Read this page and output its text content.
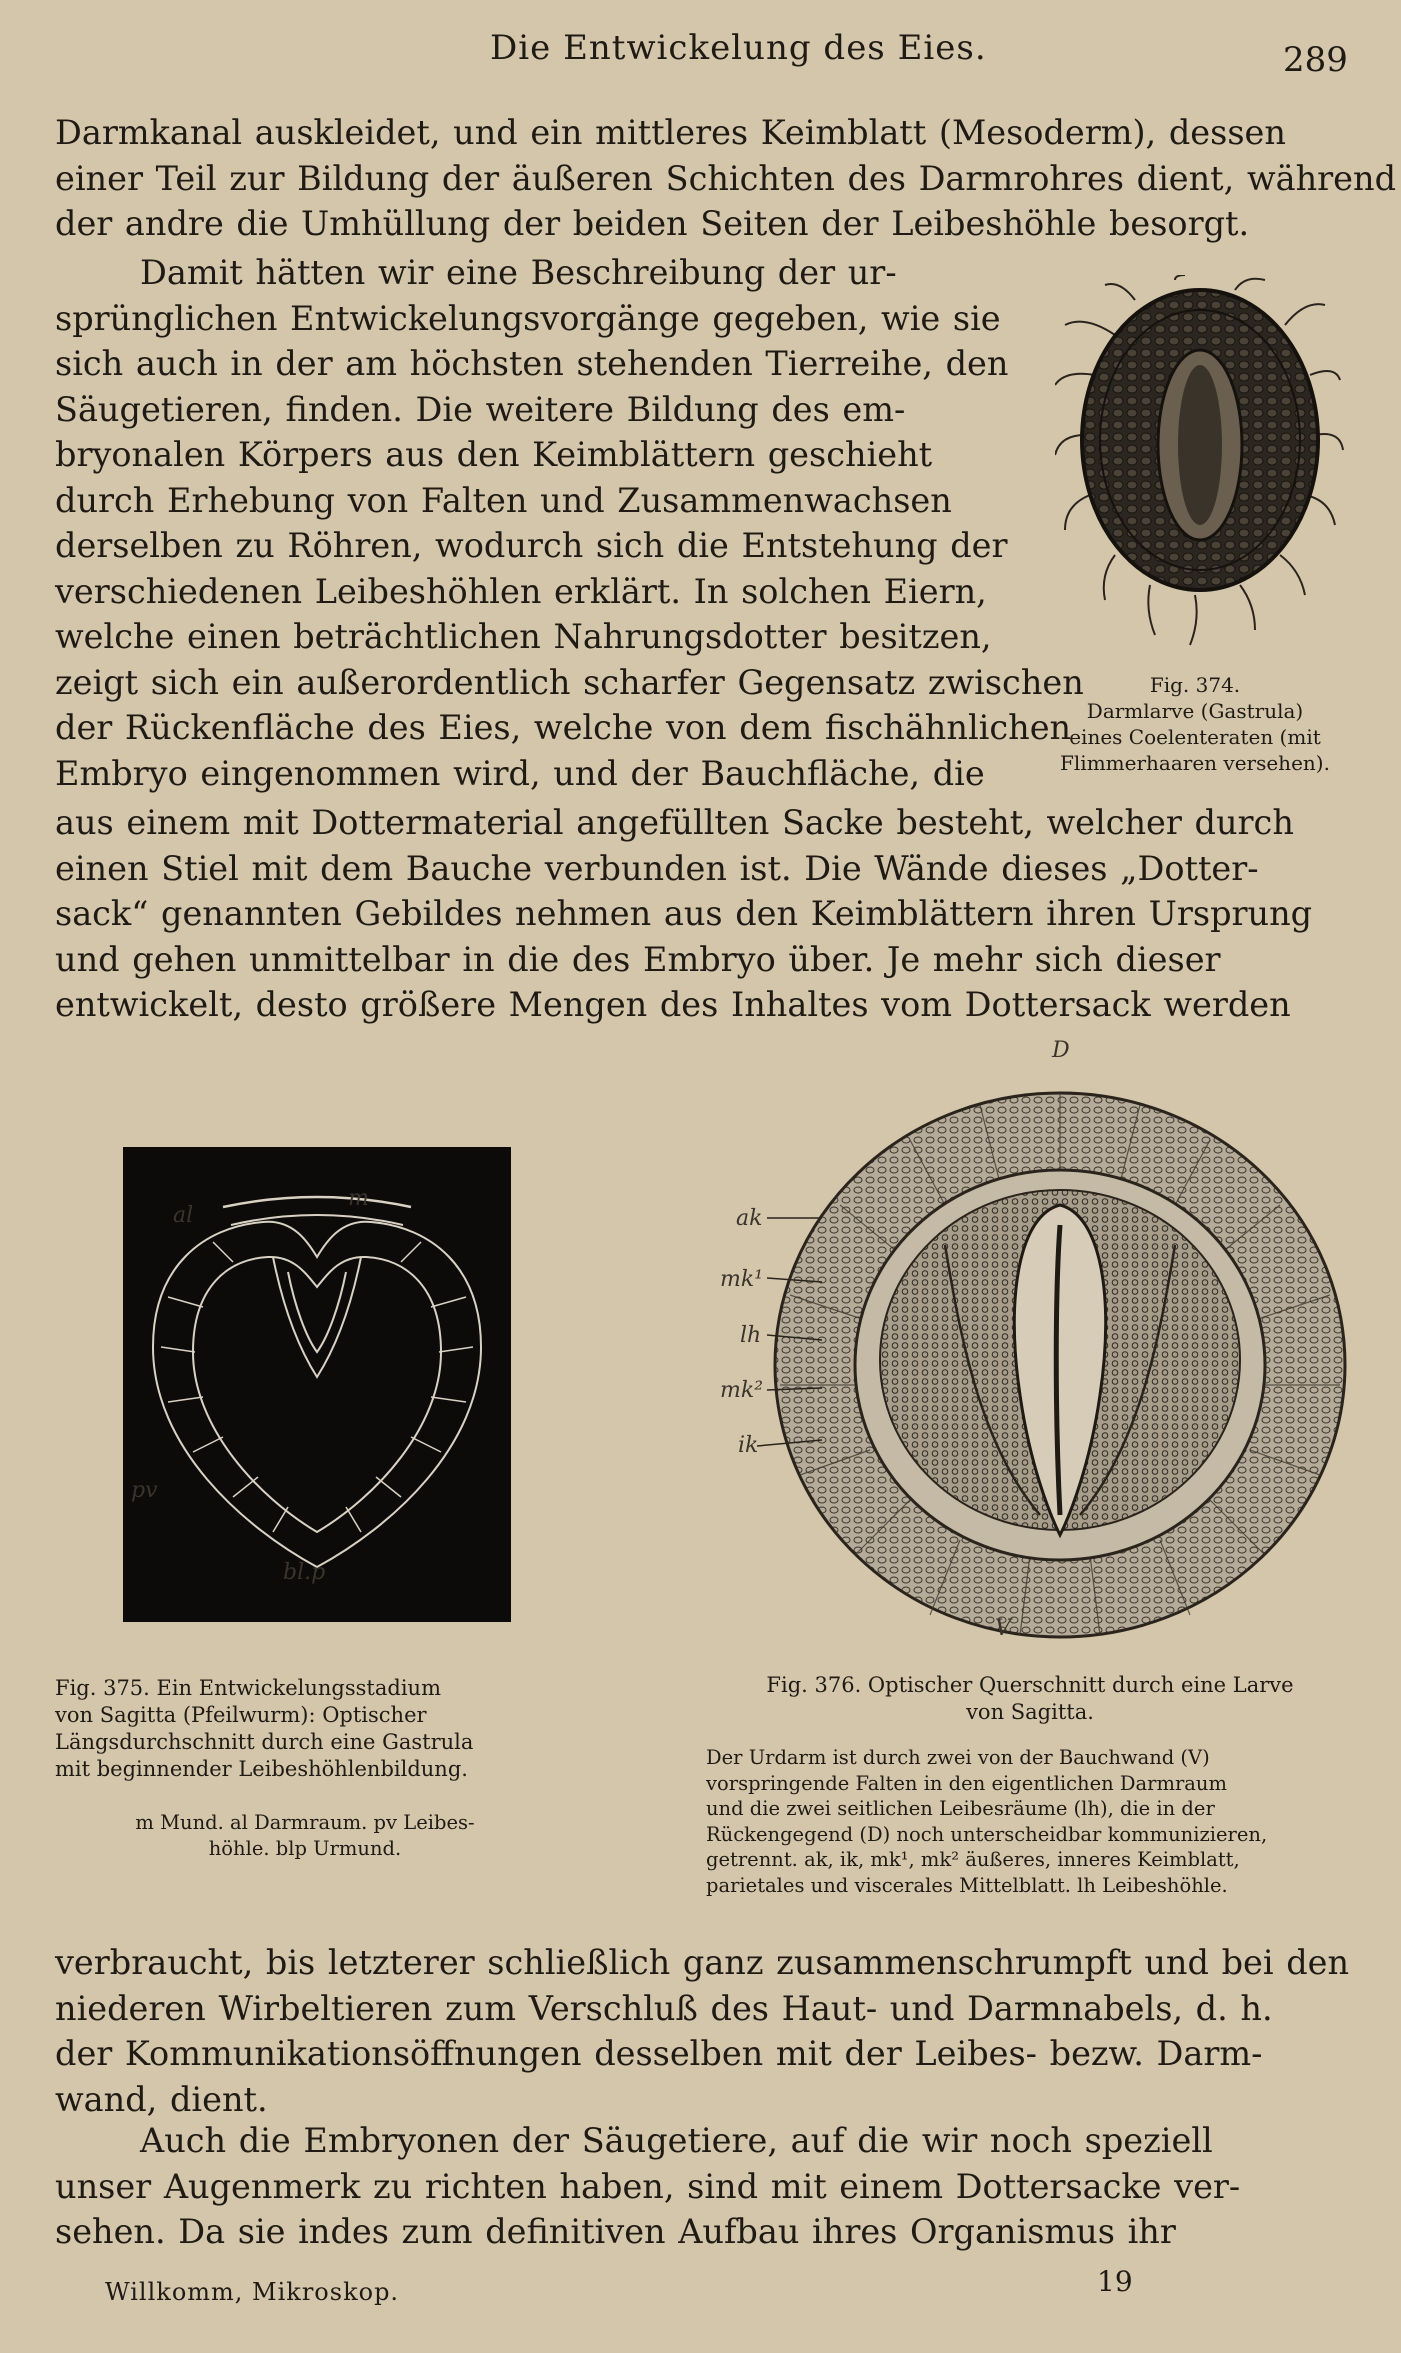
Die Entwickelung des Eies.	289
Darmkanal auskleidet, und ein mittleres Keimblatt (Mesoderm), dessen
einer Teil zur Bildung der äußeren Schichten des Darmrohres dient, während
der andre die Umhüllung der beiden Seiten der Leibeshöhle besorgt.
Damit hätten wir eine Beschreibung der ur-
sprünglichen Entwickelungsvorgänge gegeben, wie sie
sich auch in der am höchsten stehenden Tierreihe, den
Säugetieren, finden. Die weitere Bildung des em-
bryonalen Körpers aus den Keimblättern geschieht
durch Erhebung von Falten und Zusammenwachsen
derselben zu Röhren, wodurch sich die Entstehung der
verschiedenen Leibeshöhlen erklärt. In solchen Eiern,
welche einen beträchtlichen Nahrungsdotter besitzen,
zeigt sich ein außerordentlich scharfer Gegensatz zwischen
der Rückenfläche des Eies, welche von dem fischähnlichen
Embryo eingenommen wird, und der Bauchfläche, die
Fig. 374.
Darmlarve (Gastrula)
eines Coelenteraten (mit
Flimmerhaaren versehen).
aus einem mit Dottermaterial angefüllten Sacke besteht, welcher durch
einen Stiel mit dem Bauche verbunden ist. Die Wände dieses „Dotter-
sack“ genannten Gebildes nehmen aus den Keimblättern ihren Ursprung
und gehen unmittelbar in die des Embryo über. Je mehr sich dieser
entwickelt, desto größere Mengen des Inhaltes vom Dottersack werden
al
m
pv
bl.p
Fig. 375. Ein Entwickelungsstadium
von Sagitta (Pfeilwurm): Optischer
Längsdurchschnitt durch eine Gastrula
mit beginnender Leibeshöhlenbildung.
m Mund. al Darmraum. pv Leibes-
höhle. blp Urmund.
D
V
ak
mk¹
lh
mk²
ik
Fig. 376. Optischer Querschnitt durch eine Larve
von Sagitta.
Der Urdarm ist durch zwei von der Bauchwand (V)
vorspringende Falten in den eigentlichen Darmraum
und die zwei seitlichen Leibesräume (lh), die in der
Rückengegend (D) noch unterscheidbar kommunizieren,
getrennt. ak, ik, mk¹, mk² äußeres, inneres Keimblatt,
parietales und viscerales Mittelblatt. lh Leibeshöhle.
verbraucht, bis letzterer schließlich ganz zusammenschrumpft und bei den
niederen Wirbeltieren zum Verschluß des Haut- und Darmnabels, d. h.
der Kommunikationsöffnungen desselben mit der Leibes- bezw. Darm-
wand, dient.
Auch die Embryonen der Säugetiere, auf die wir noch speziell
unser Augenmerk zu richten haben, sind mit einem Dottersacke ver-
sehen. Da sie indes zum definitiven Aufbau ihres Organismus ihr
Willkomm, Mikroskop.	19
